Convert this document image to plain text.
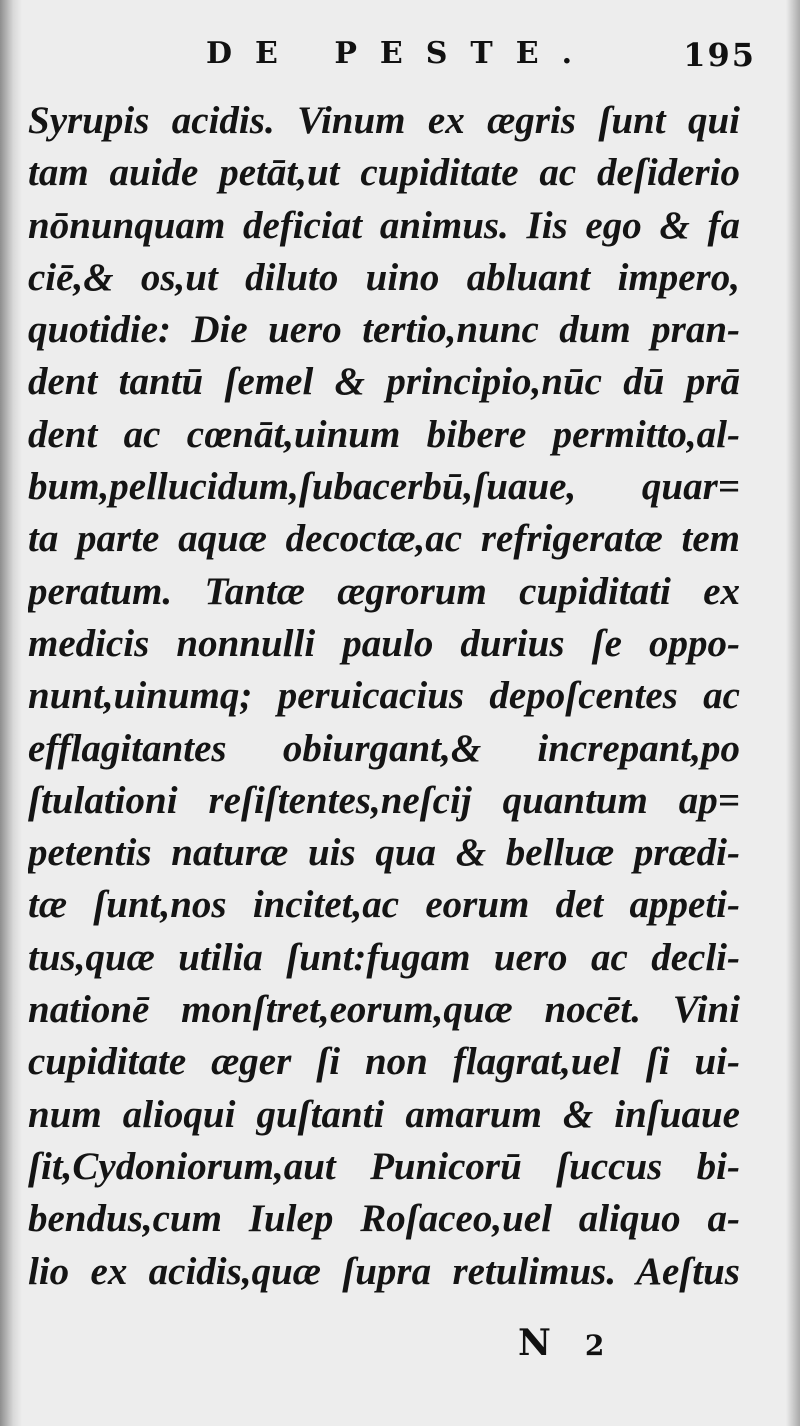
DE PESTE.	195
Syrupis acidis. Vinum ex ægris ſunt qui
tam auide petāt,ut cupiditate ac deſiderio
nōnunquam deficiat animus. Iis ego & fa
ciē,& os,ut diluto uino abluant impero,
quotidie: Die uero tertio,nunc dum pran-
dent tantū ſemel & principio,nūc dū prā
dent ac cœnāt,uinum bibere permitto,al-
bum,pellucidum,ſubacerbū,ſuaue, quar=
ta parte aquæ decoctæ,ac refrigeratæ tem
peratum. Tantæ ægrorum cupiditati ex
medicis nonnulli paulo durius ſe oppo-
nunt,uinumq; peruicacius depoſcentes ac
efflagitantes obiurgant,& increpant,po
ſtulationi reſiſtentes,neſcij quantum ap=
petentis naturæ uis qua & belluæ prædi-
tæ ſunt,nos incitet,ac eorum det appeti-
tus,quæ utilia ſunt:fugam uero ac decli-
nationē monſtret,eorum,quæ nocēt. Vini
cupiditate æger ſi non flagrat,uel ſi ui-
num alioqui guſtanti amarum & inſuaue
ſit,Cydoniorum,aut Punicorū ſuccus bi-
bendus,cum Iulep Roſaceo,uel aliquo a-
lio ex acidis,quæ ſupra retulimus. Aeſtus
N 2
